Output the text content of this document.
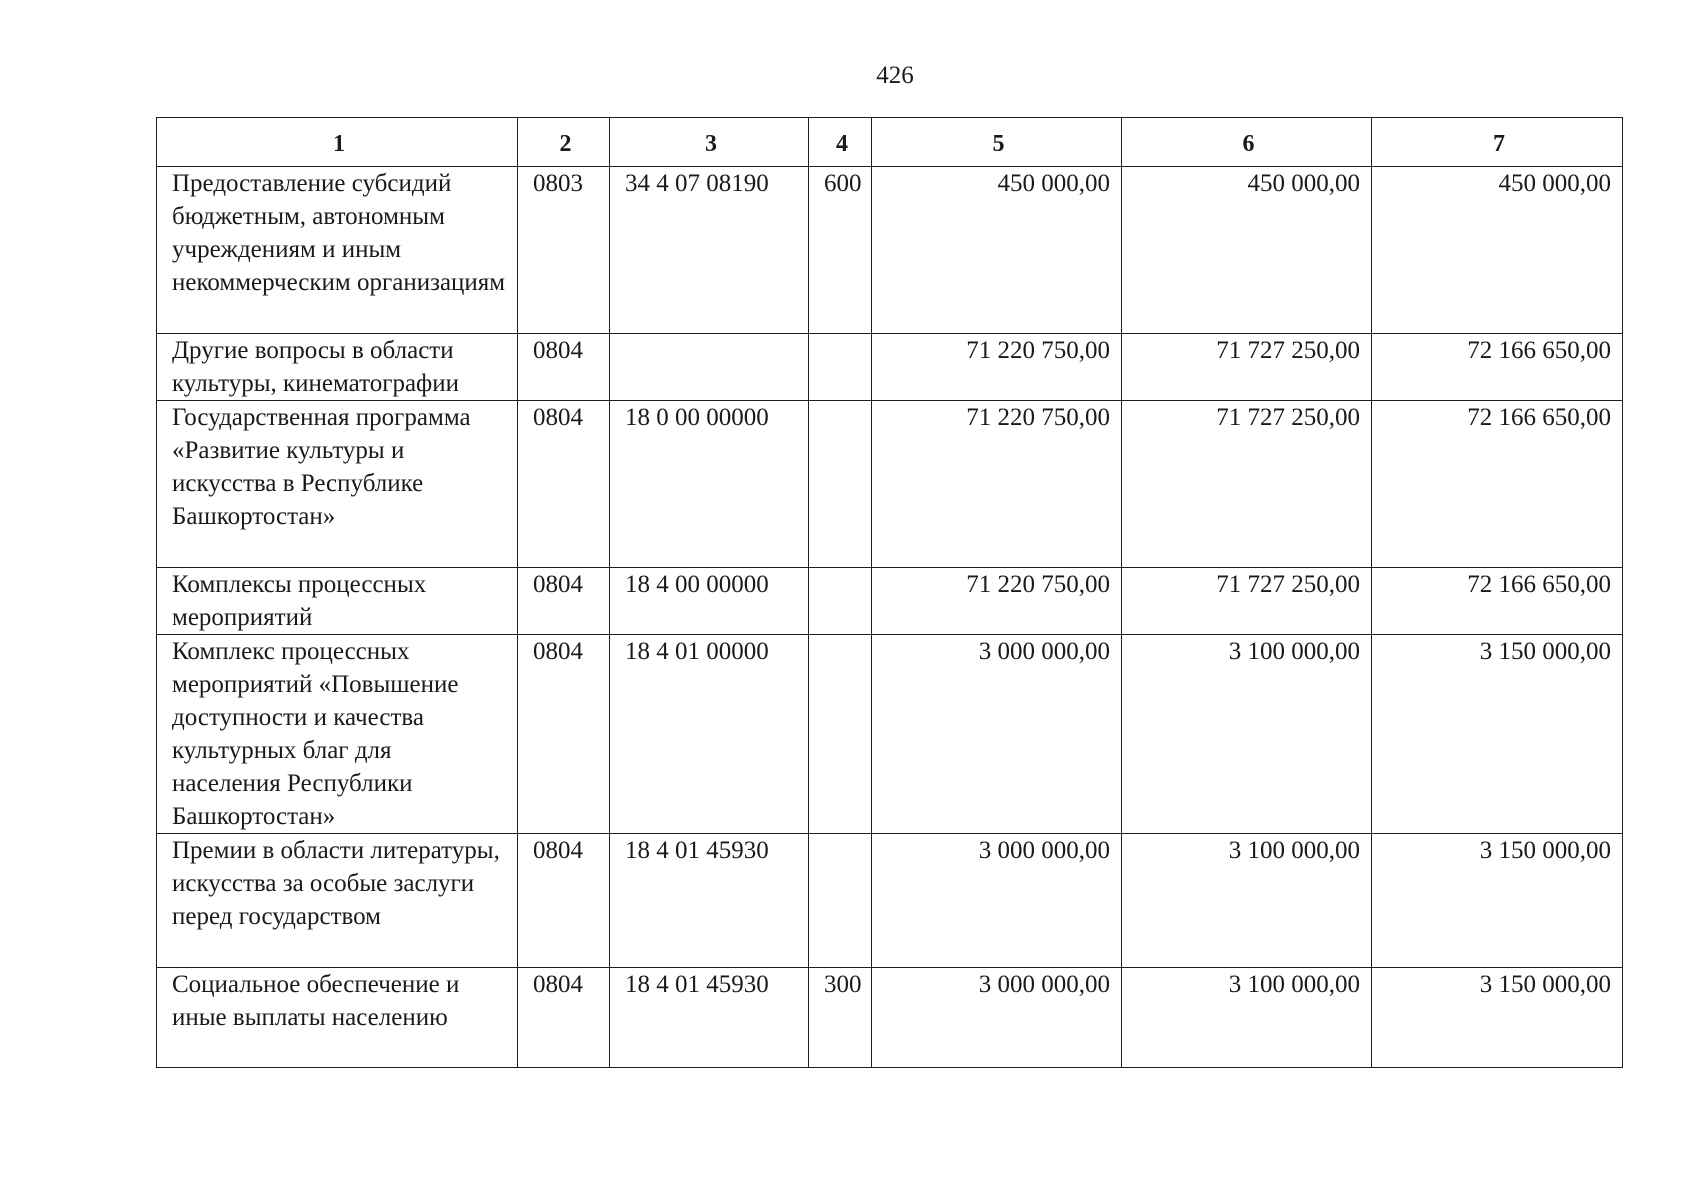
426
1	2	3	4	5	6	7
Предоставление субсидий бюджетным, автономным учреждениям и иным некоммерческим организациям	0803	34 4 07 08190	600	450 000,00	450 000,00	450 000,00
Другие вопросы в области культуры, кинематографии	0804			71 220 750,00	71 727 250,00	72 166 650,00
Государственная программа «Развитие культуры и искусства в Республике Башкортостан»	0804	18 0 00 00000		71 220 750,00	71 727 250,00	72 166 650,00
Комплексы процессных мероприятий	0804	18 4 00 00000		71 220 750,00	71 727 250,00	72 166 650,00
Комплекс процессных мероприятий «Повышение доступности и качества культурных благ для населения Республики Башкортостан»	0804	18 4 01 00000		3 000 000,00	3 100 000,00	3 150 000,00
Премии в области литературы, искусства за особые заслуги перед государством	0804	18 4 01 45930		3 000 000,00	3 100 000,00	3 150 000,00
Социальное обеспечение и иные выплаты населению	0804	18 4 01 45930	300	3 000 000,00	3 100 000,00	3 150 000,00
